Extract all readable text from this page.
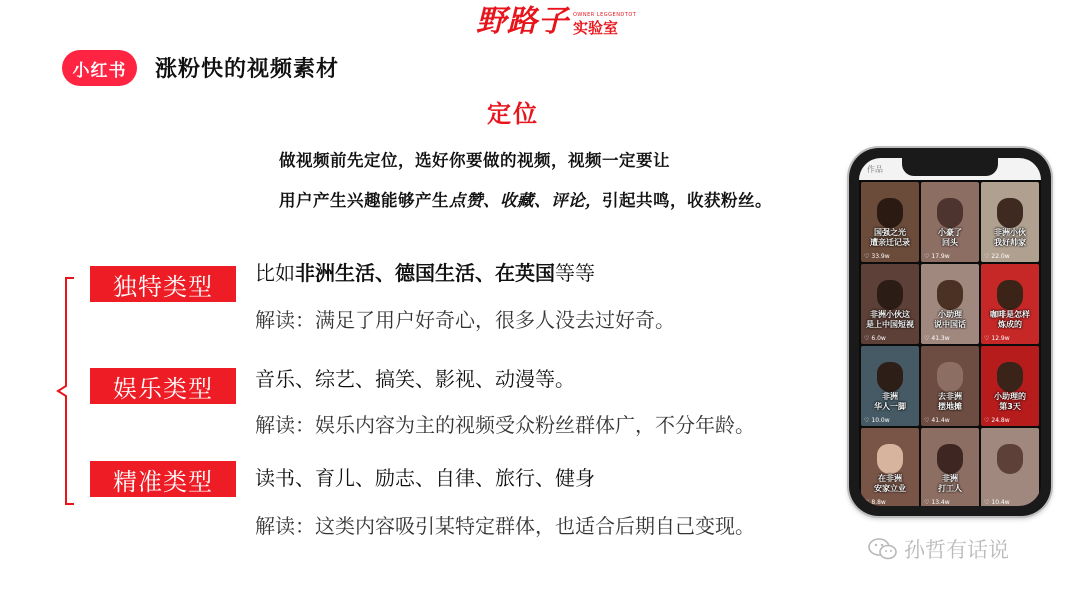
野路子 OWNER LEGGENDTOT
实验室
小红书	涨粉快的视频素材
定位
做视频前先定位，选好你要做的视频，视频一定要让
用户产生兴趣能够产生点赞、收藏、评论，引起共鸣，收获粉丝。
独特类型	比如非洲生活、德国生活、在英国等等
解读：满足了用户好奇心，很多人没去过好奇。
娱乐类型	音乐、综艺、搞笑、影视、动漫等。
解读：娱乐内容为主的视频受众粉丝群体广，不分年龄。
精准类型	读书、育儿、励志、自律、旅行、健身
解读：这类内容吸引某特定群体，也适合后期自己变现。
作品
国强之光
遭亲迁记录
♡ 33.9w
小豪了
回头
♡ 17.9w
非洲小伙
我好帅家
♡ 22.0w
非洲小伙这
是上中国短视
♡ 6.0w
小助理
说中国话
♡ 41.3w
咖啡是怎样
炼成的
♡ 12.9w
非洲
华人一脚
♡ 10.0w
去非洲
摆地摊
♡ 41.4w
小助理的
第3天
♡ 24.8w
在非洲
安家立业
♡ 8.8w
非洲
打工人
♡ 13.4w	♡ 10.4w
孙哲有话说
